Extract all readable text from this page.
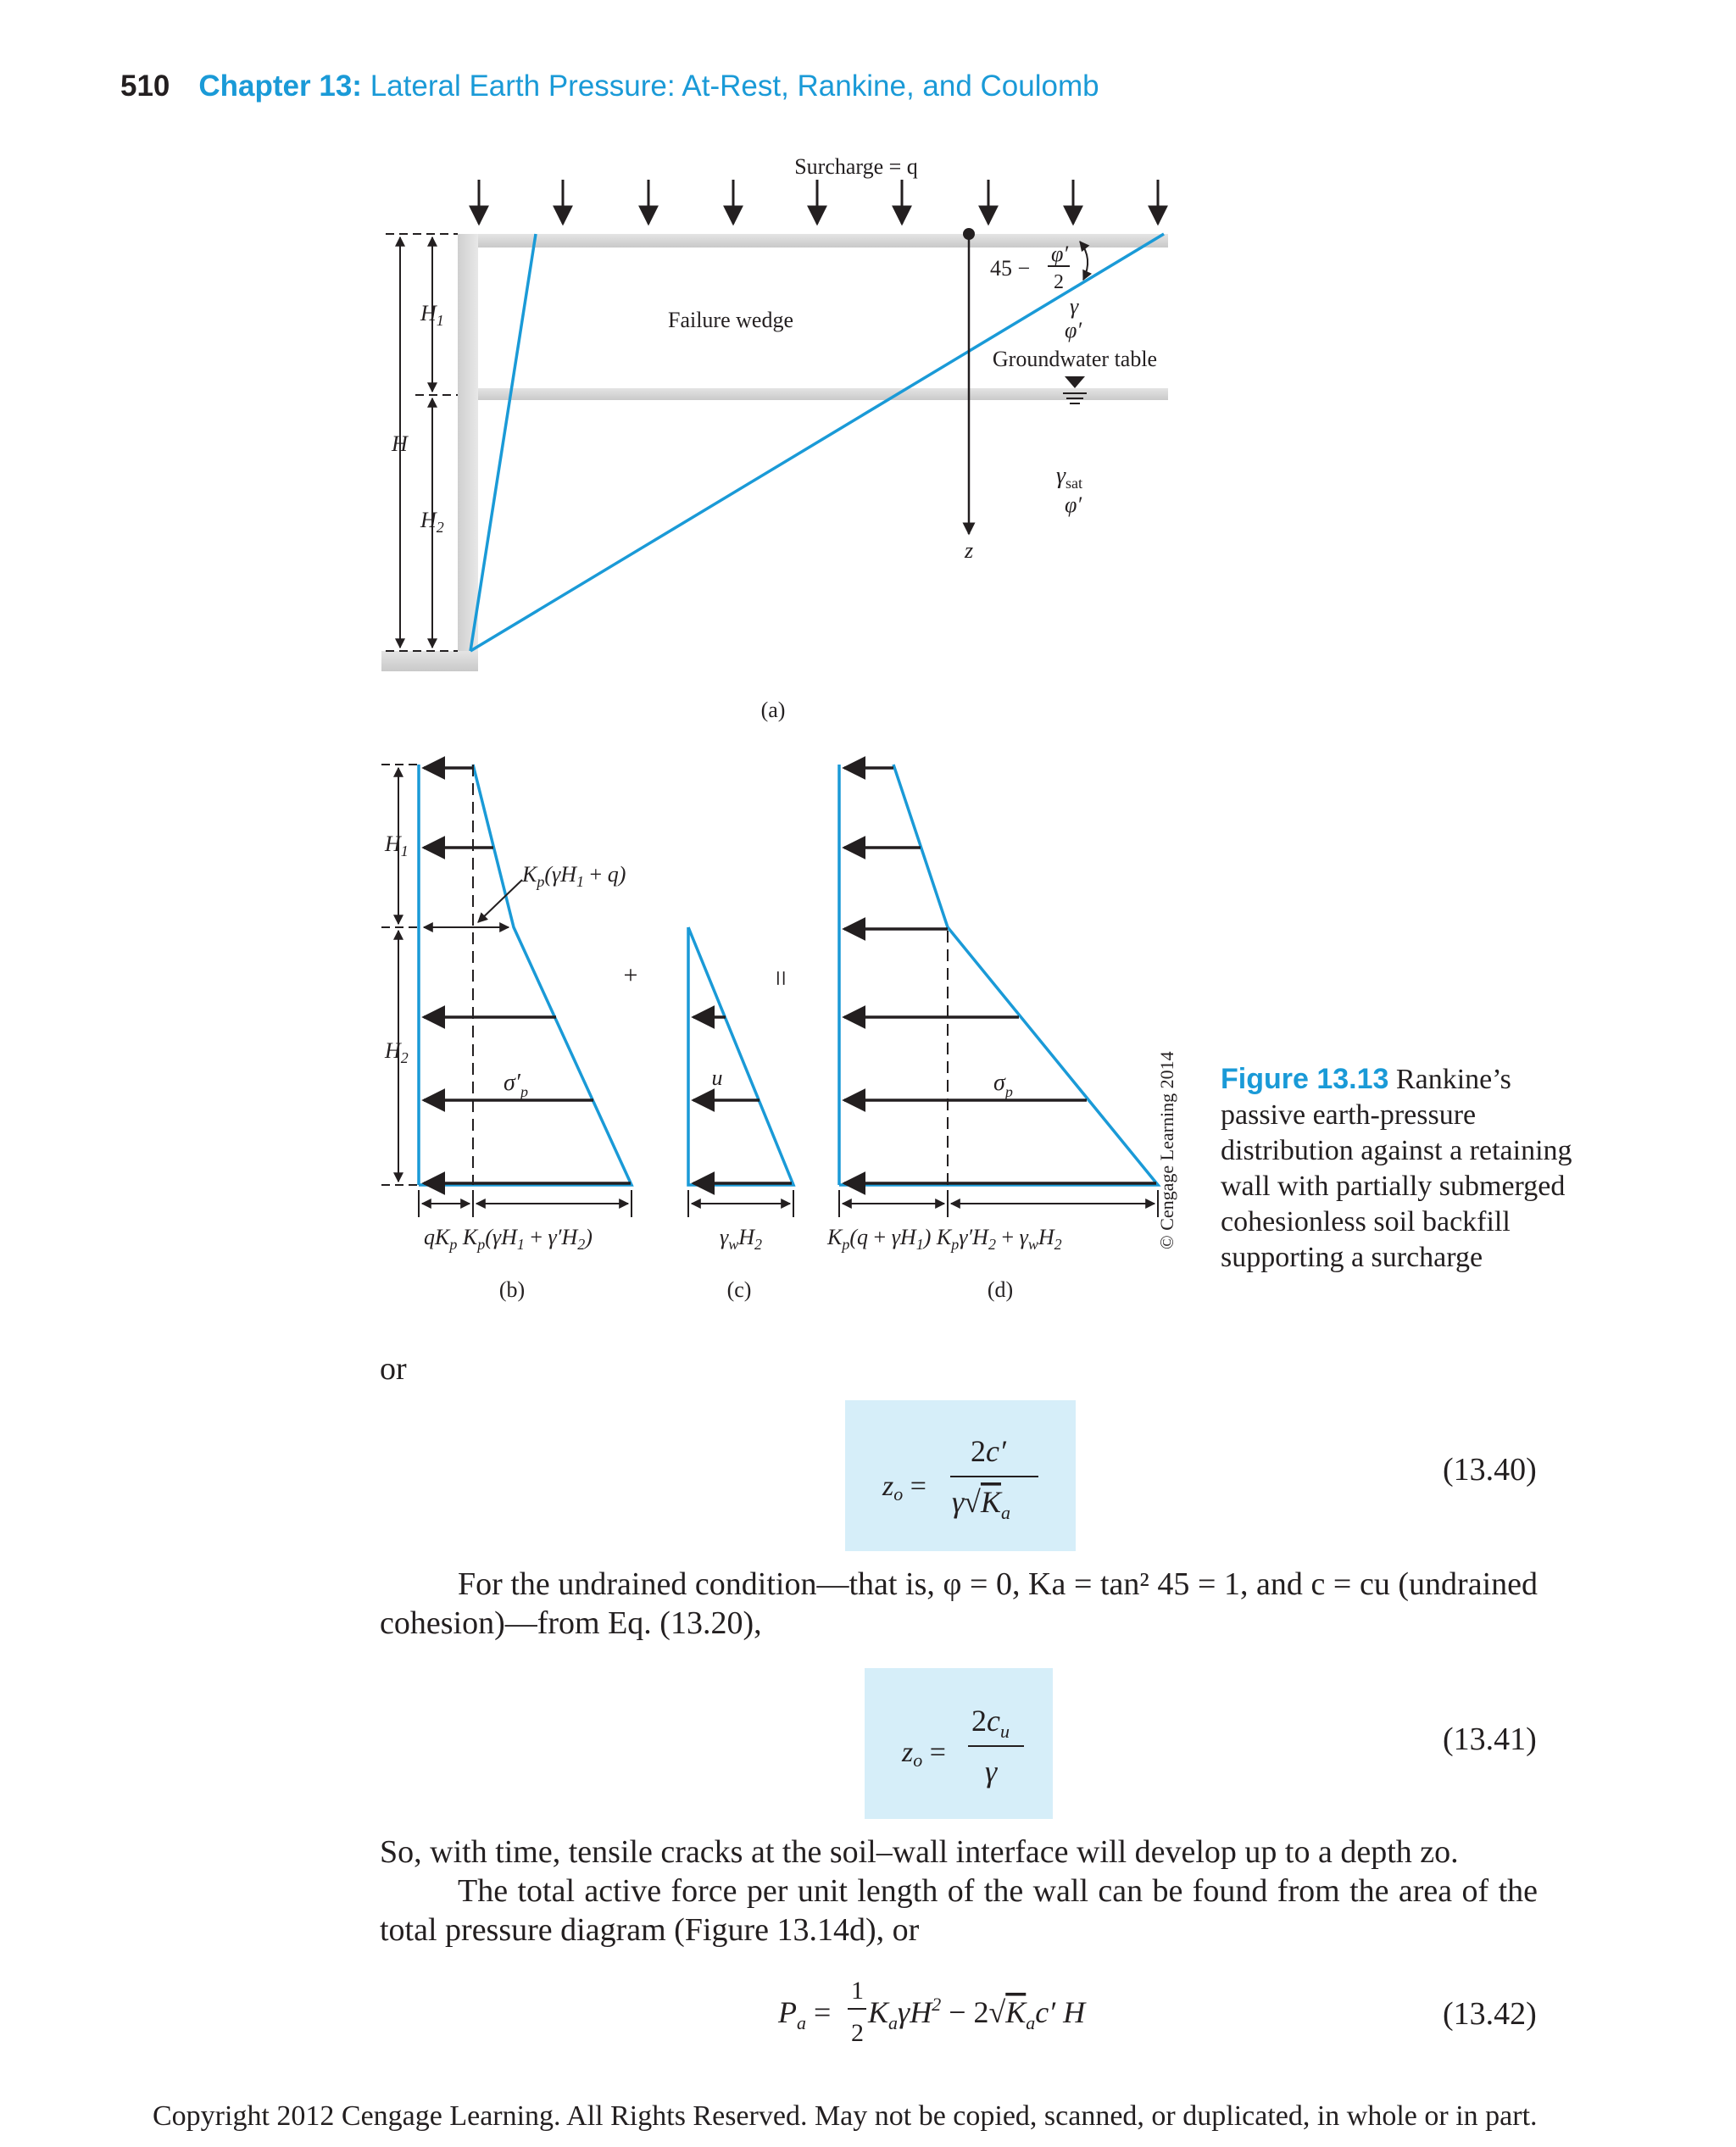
510 Chapter 13: Lateral Earth Pressure: At-Rest, Rankine, and Coulomb
Surcharge = q
Failure wedge
z
45 −
φ′
2
γ
φ′
Groundwater table
$\gamma_{sat}$
φ′
H
$H_1$
$H_2$
(a)
$K_p(\gamma H_1 + q)$
$\sigma'_p$
$H_1$
$H_2$
$qK_p$ $K_p(\gamma H_1 + \gamma'H_2)$
(b)
+
u
$\gamma_wH_2$
(c)
=
$\sigma_p$
$K_p(q + \gamma H_1) K_p\gamma'H_2 + \gamma_wH_2$
(d)
© Cengage Learning 2014 Figure 13.13 Rankine’s passive earth-pressure distribution against a retaining wall with partially submerged cohesionless soil backfill supporting a surcharge
or
zo =
2c′
$\gamma√K_a$
(13.40)
For the undrained condition—that is, φ = 0, Ka = tan² 45 = 1, and c = cu (undrained cohesion)—from Eq. (13.20),
zo =
$2c_u$
γ
(13.41)
So, with time, tensile cracks at the soil–wall interface will develop up to a depth zo.
The total active force per unit length of the wall can be found from the area of the total pressure diagram (Figure 13.14d), or
$P_a$ =
1
2
$K_a\gamma H^2 - 2√K_ac'$ H	(13.42)
Copyright 2012 Cengage Learning. All Rights Reserved. May not be copied, scanned, or duplicated, in whole or in part.
